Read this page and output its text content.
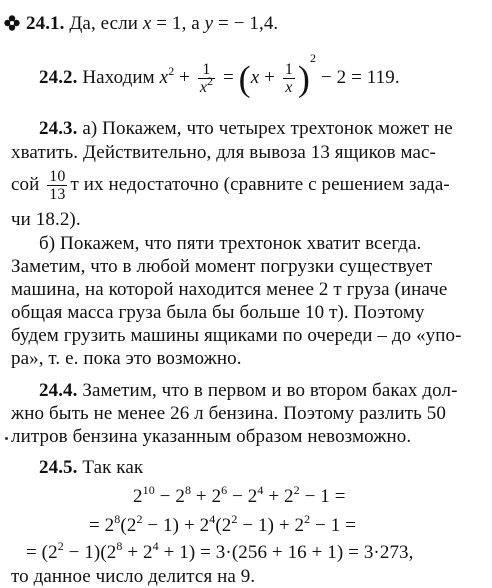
24.1. Да, если x = 1, а y = − 1,4.
24.2. Находим $x^2 + \frac{1}{x^2} = (x + \frac{1}{x} )^2 - 2 = 119$.
24.3. а) Покажем, что четырех трехтонок может не
хватить. Действительно, для вывоза 13 ящиков мас-
сой $\frac{10}{13}$ т их недостаточно (сравните с решением зада-
чи 18.2).
б) Покажем, что пяти трехтонок хватит всегда.
Заметим, что в любой момент погрузки существует
машина, на которой находится менее 2 т груза (иначе
общая масса груза была бы больше 10 т). Поэтому
будем грузить машины ящиками по очереди – до «упо-
ра», т. е. пока это возможно.
24.4. Заметим, что в первом и во втором баках дол-
жно быть не менее 26 л бензина. Поэтому разлить 50
литров бензина указанным образом невозможно.
24.5. Так как
$2^{10} - 2^8 + 2^6 - 2^4 + 2^2 - 1$ =
= $2^8(2^2 - 1) + 2^4(2^2 - 1) + 2^2 - 1$ =
= $(2^2 - 1)(2^8 + 2^4 + 1) = 3\cdot(256 + 16 + 1) = 3\cdot 273$,
то данное число делится на 9.
